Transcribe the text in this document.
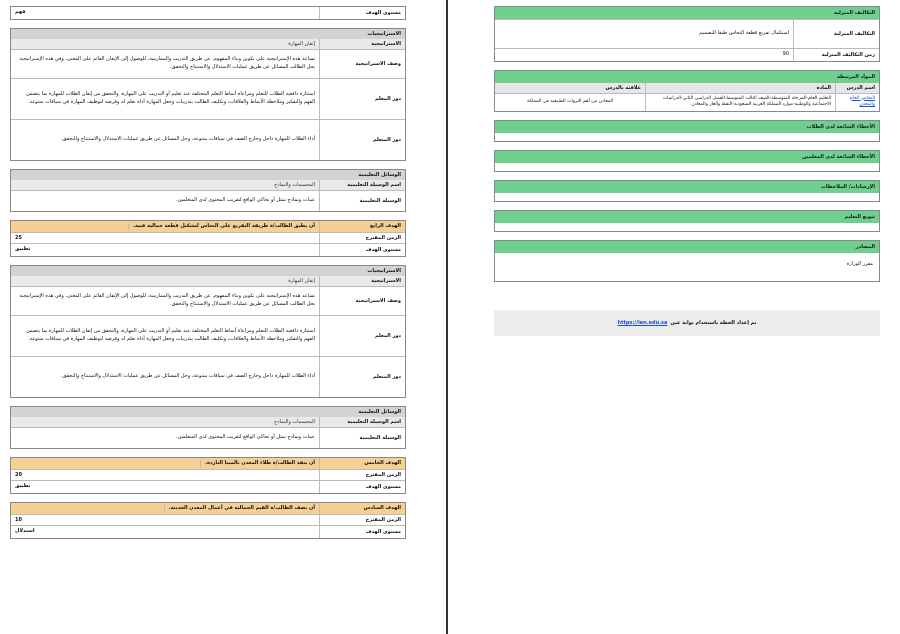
مستوى الهدف
فهم
الاستراتيجيات
الاستراتيجية
إتقان المهارة
وصف الاستراتيجية
تساعد هذه الإستراتيجية على تكوين وبناء المفهوم، عن طريق التدريب والممارسة، للوصول إلى الإتقان القائم على المعنى، وفي هذه الإستراتيجية يحل الطالب المسائل عن طريق عمليات الاستدلال والاستنتاج والتحقق.
دور المعلم
استثارة دافعية الطلاب للتعلم ومراعاة أنماط التعلم المختلفة عند تعليم أو التدريب على المهارة، والتحقق من إتقان الطلاب للمهارة بما يتضمن الفهم والتفكير وملاحظة الأنماط والعلاقات، وتكليف الطالب بتدريبات وجعل المهارة أداة تعلم له وفرصة لتوظيف المهارة في سياقات متنوعة.
دور المتعلم
أداء الطلاب للمهارة داخل وخارج الصف في سياقات متنوعة، وحل المسائل عن طريق عمليات الاستدلال والاستنتاج والتحقق.
الوسائل التعليمية
اسم الوسيلة التعليمية
المجسمات والنماذج
الوسيلة التعليمية
عينات ونماذج تمثل أو تحاكي الواقع لتقريب المحتوى لدى المتعلمين.
الهدف الرابع
أن يطبق الطالب/ة طريقة التفريغ على النحاس لتشكيل قطعة جمالية فنية.
الزمن المقترح
25
مستوى الهدف
تطبيق
الاستراتيجيات
الاستراتيجية
إتقان المهارة
وصف الاستراتيجية
تساعد هذه الإستراتيجية على تكوين وبناء المفهوم، عن طريق التدريب والممارسة، للوصول إلى الإتقان القائم على المعنى، وفي هذه الإستراتيجية يحل الطالب المسائل عن طريق عمليات الاستدلال والاستنتاج والتحقق.
دور المعلم
استثارة دافعية الطلاب للتعلم ومراعاة أنماط التعلم المختلفة عند تعليم أو التدريب على المهارة، والتحقق من إتقان الطلاب للمهارة بما يتضمن الفهم والتفكير وملاحظة الأنماط والعلاقات، وتكليف الطالب بتدريبات وجعل المهارة أداة تعلم له وفرصة لتوظيف المهارة في سياقات متنوعة.
دور المتعلم
أداء الطلاب للمهارة داخل وخارج الصف في سياقات متنوعة، وحل المسائل عن طريق عمليات الاستدلال والاستنتاج والتحقق.
الوسائل التعليمية
اسم الوسيلة التعليمية
المجسمات والنماذج
الوسيلة التعليمية
عينات ونماذج تمثل أو تحاكي الواقع لتقريب المحتوى لدى المتعلمين.
الهدف الخامس
أن ينفذ الطالب/ة طلاء المعدن بالمينا الباردة.
الزمن المقترح
20
مستوى الهدف
تطبيق
الهدف السادس
أن يصف الطالب/ة القيم الجمالية في أعمال المعدن الحديثة.
الزمن المقترح
10
مستوى الهدف
استدلال
التكاليف المنزلية
التكاليف المنزلية
استكمال تفريغ قطعة النحاس طبقا للتصميم
زمن التكاليف المنزلية
90
المواد المرتبطة
اسم الدرس
المادة
علاقته بالدرس
النحاس الخام والمعدن
التعليم العام-المرحلة المتوسطة-الصف الثالث المتوسط-الفصل الدراسي الثاني-الدراسات الاجتماعية والوطنية-موارد المملكة العربية السعودية-النفط والغاز والمعادن
المعادن من أهم الثروات الطبيعية في المملكة
الأخطاء الشائعة لدى الطلاب
الأخطاء الشائعة لدى المعلمين
الإرشادات/ الملاحظات
تنويع التعليم
المصادر
مقرر الوزارة
تم إعداد الخطة باستخدام بوابة عين
https://ien.edu.sa
